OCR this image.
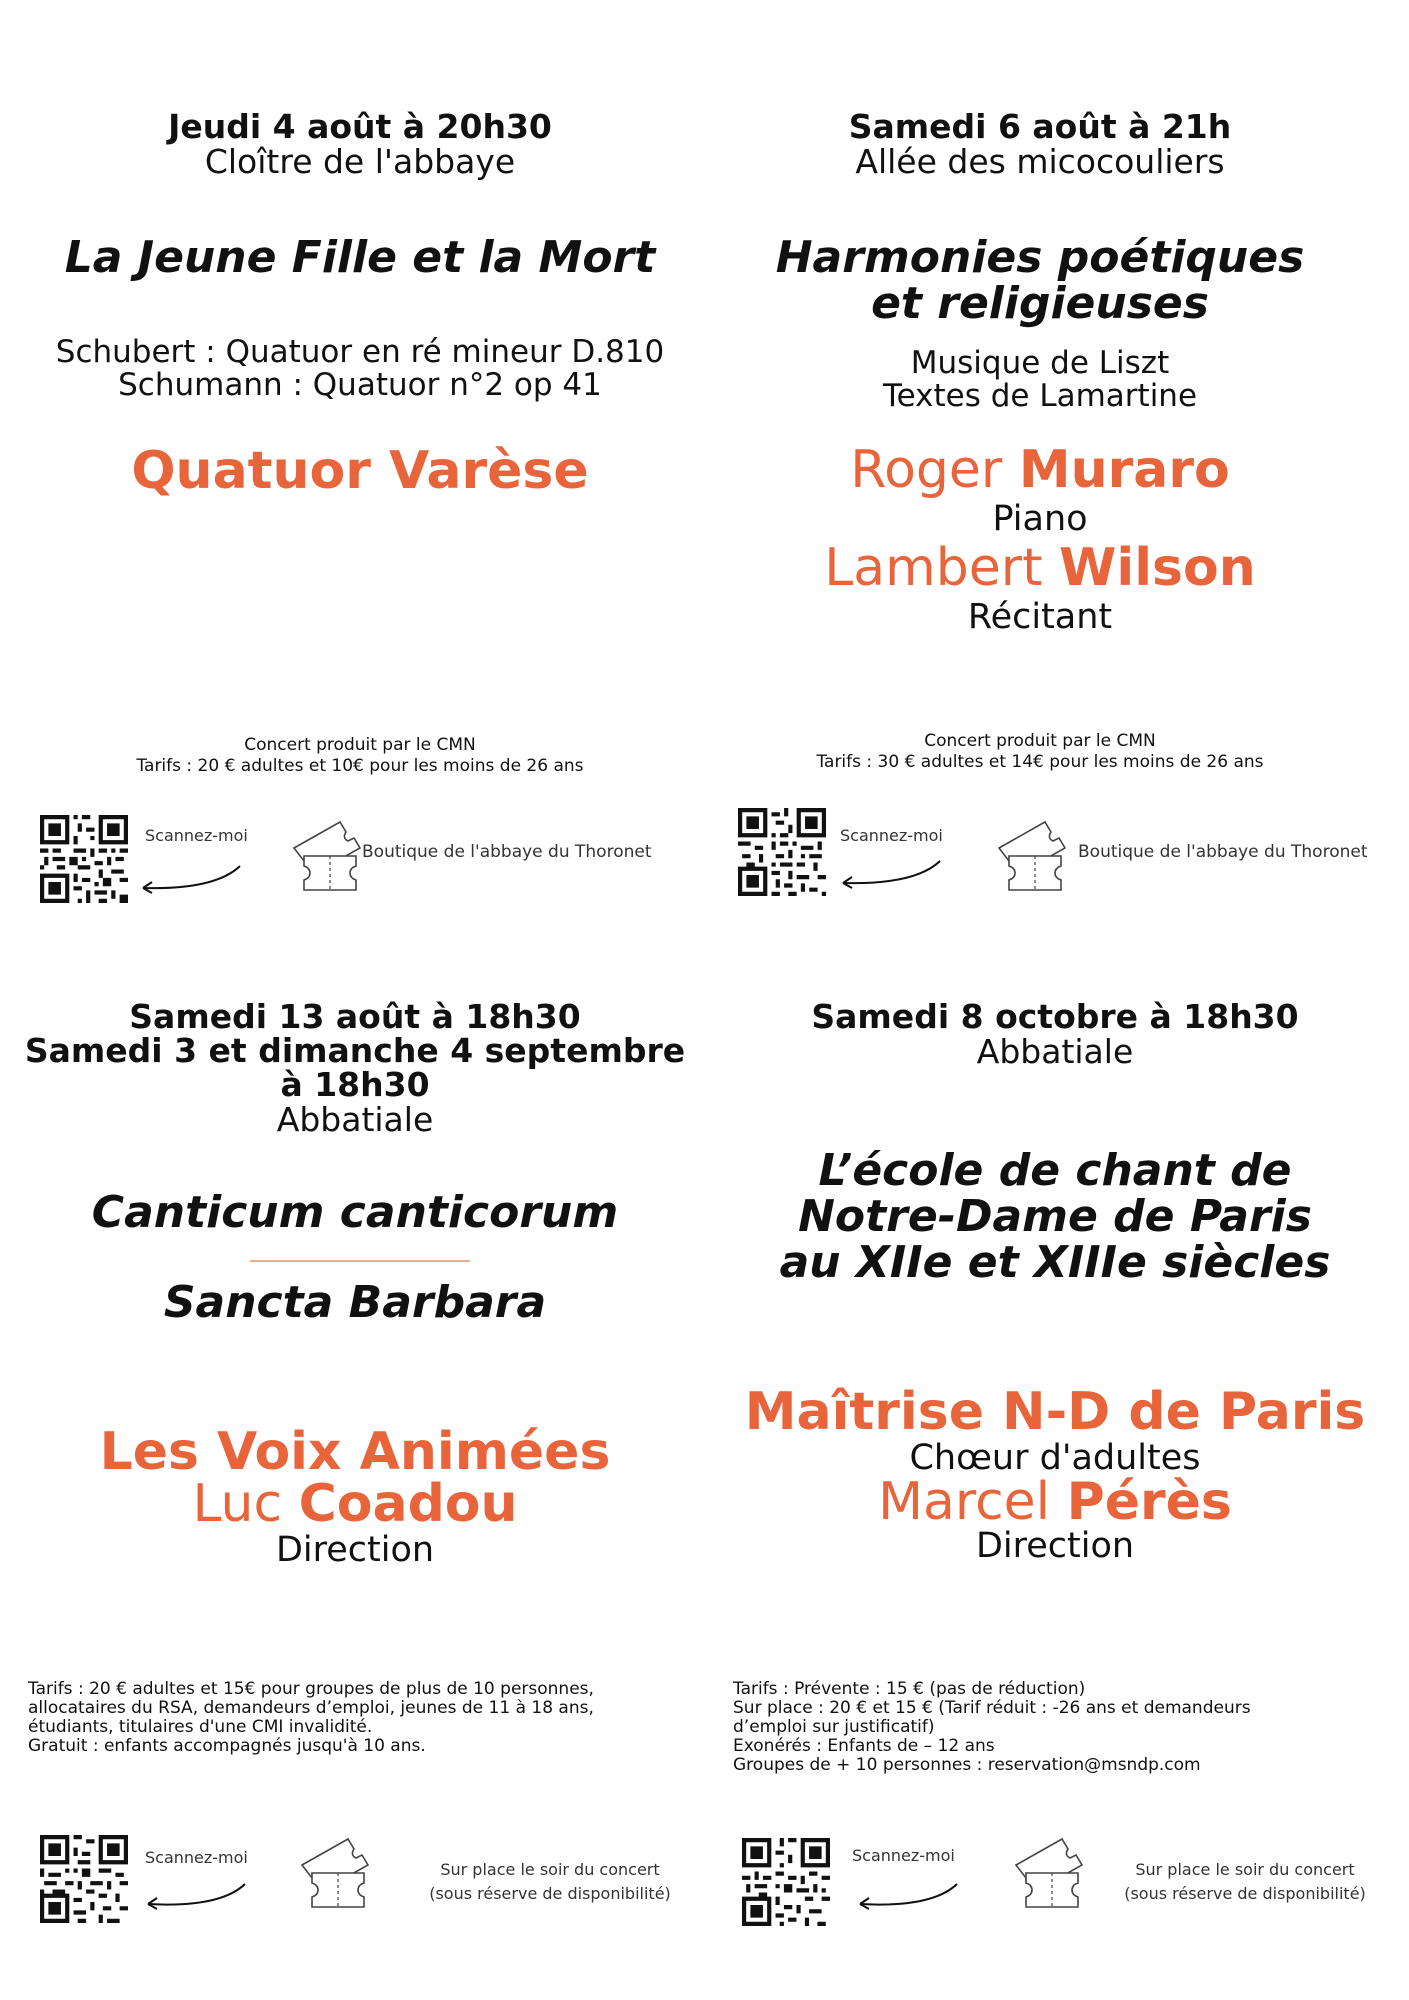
Jeudi 4 août à 20h30
Cloître de l'abbaye
La Jeune Fille et la Mort
Schubert : Quatuor en ré mineur D.810
Schumann : Quatuor n°2 op 41
Quatuor Varèse
Concert produit par le CMN
Tarifs : 20 € adultes et 10€ pour les moins de 26 ans
Scannez-moi
Boutique de l'abbaye du Thoronet
Samedi 6 août à 21h
Allée des micocouliers
Harmonies poétiques
et religieuses
Musique de Liszt
Textes de Lamartine
Roger Muraro
Piano
Lambert Wilson
Récitant
Concert produit par le CMN
Tarifs : 30 € adultes et 14€ pour les moins de 26 ans
Scannez-moi
Boutique de l'abbaye du Thoronet
Samedi 13 août à 18h30
Samedi 3 et dimanche 4 septembre
à 18h30
Abbatiale
Canticum canticorum
Sancta Barbara
Les Voix Animées
Luc Coadou
Direction
Tarifs : 20 € adultes et 15€ pour groupes de plus de 10 personnes,
allocataires du RSA, demandeurs d’emploi, jeunes de 11 à 18 ans,
étudiants, titulaires d'une CMI invalidité.
Gratuit : enfants accompagnés jusqu'à 10 ans.
Scannez-moi
Sur place le soir du concert
(sous réserve de disponibilité)
Samedi 8 octobre à 18h30
Abbatiale
L’école de chant de
Notre-Dame de Paris
au XIIe et XIIIe siècles
Maîtrise N-D de Paris
Chœur d'adultes
Marcel Pérès
Direction
Tarifs : Prévente : 15 € (pas de réduction)
Sur place : 20 € et 15 € (Tarif réduit : -26 ans et demandeurs
d’emploi sur justificatif)
Exonérés : Enfants de – 12 ans
Groupes de + 10 personnes : reservation@msndp.com
Scannez-moi
Sur place le soir du concert
(sous réserve de disponibilité)
